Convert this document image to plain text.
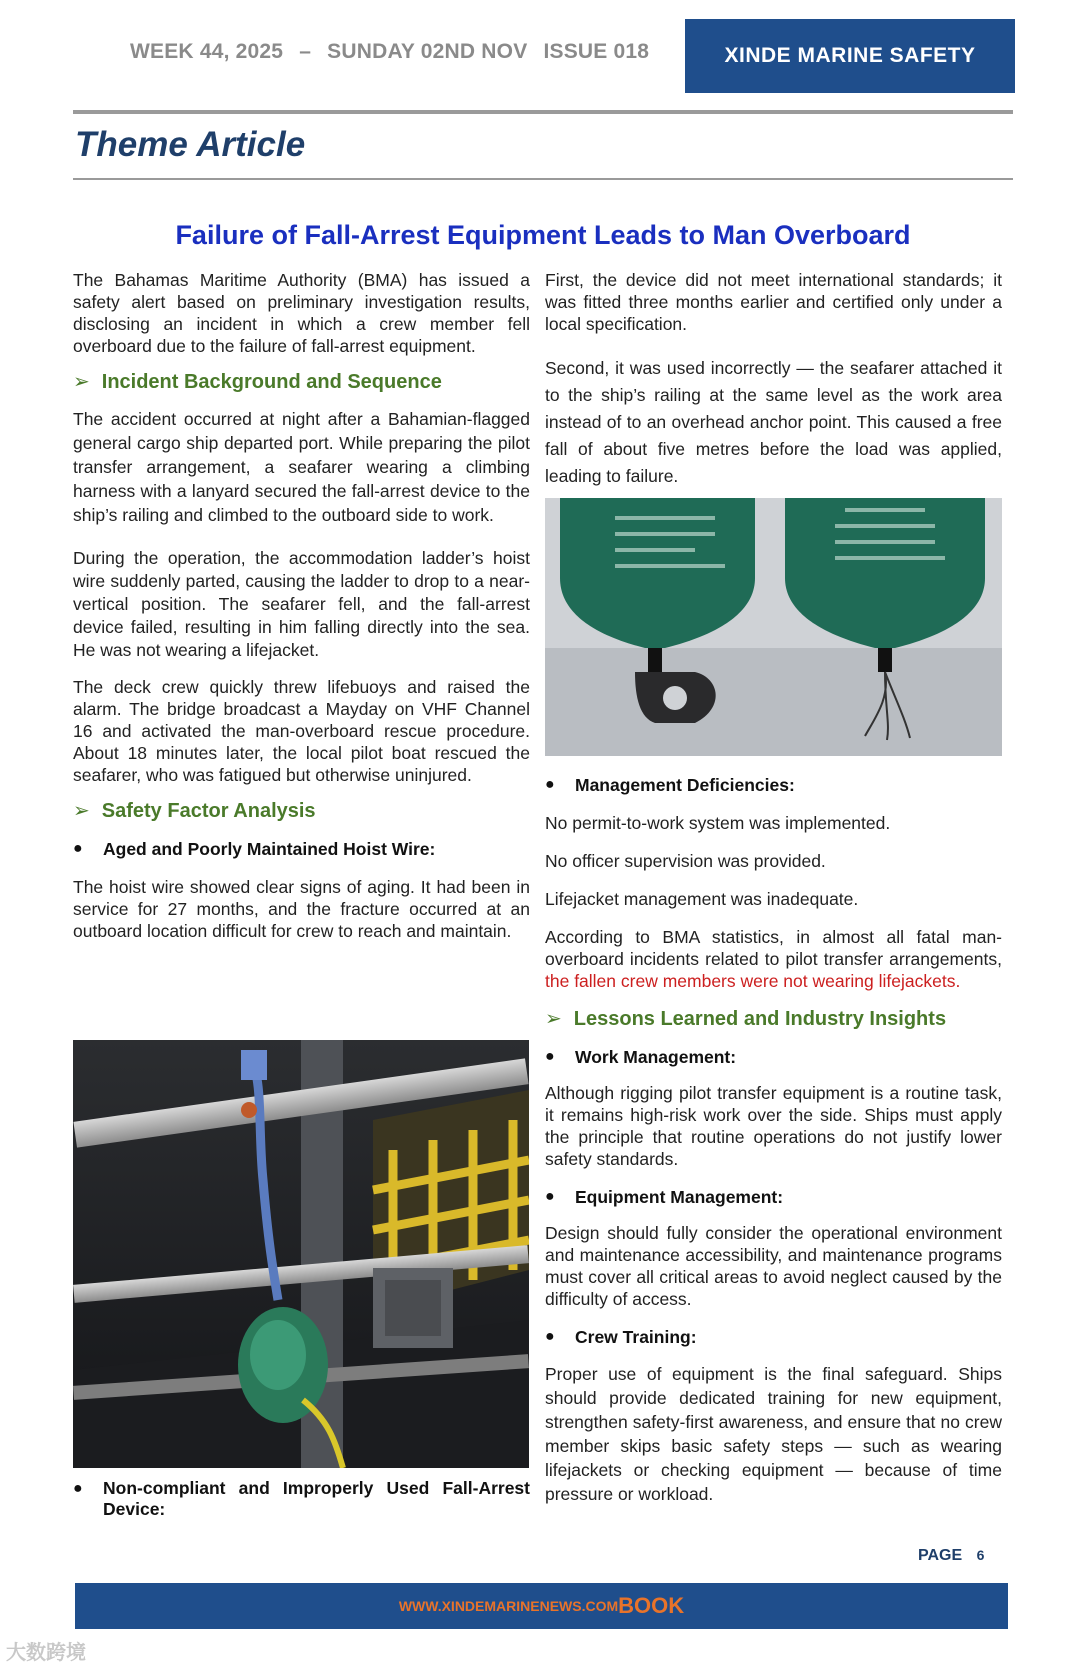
WEEK 44, 2025 – SUNDAY 02ND NOV ISSUE 018	XINDE MARINE SAFETY
Theme Article
Failure of Fall-Arrest Equipment Leads to Man Overboard

The Bahamas Maritime Authority (BMA) has issued a safety alert based on preliminary investigation results, disclosing an incident in which a crew member fell overboard due to the failure of fall-arrest equipment.

➢ Incident Background and Sequence

The accident occurred at night after a Bahamian-flagged general cargo ship departed port. While preparing the pilot transfer arrangement, a seafarer wearing a climbing harness with a lanyard secured the fall-arrest device to the ship’s railing and climbed to the outboard side to work.

During the operation, the accommodation ladder’s hoist wire suddenly parted, causing the ladder to drop to a near-vertical position. The seafarer fell, and the fall-arrest device failed, resulting in him falling directly into the sea. He was not wearing a lifejacket.

The deck crew quickly threw lifebuoys and raised the alarm. The bridge broadcast a Mayday on VHF Channel 16 and activated the man-overboard rescue procedure. About 18 minutes later, the local pilot boat rescued the seafarer, who was fatigued but otherwise uninjured.

➢ Safety Factor Analysis
●	Aged and Poorly Maintained Hoist Wire:

The hoist wire showed clear signs of aging. It had been in service for 27 months, and the fracture occurred at an outboard location difficult for crew to reach and maintain.

●	Non-compliant and Improperly Used Fall-Arrest Device:

First, the device did not meet international standards; it was fitted three months earlier and certified only under a local specification.

Second, it was used incorrectly — the seafarer attached it to the ship’s railing at the same level as the work area instead of to an overhead anchor point. This caused a free fall of about five metres before the load was applied, leading to failure.

●	Management Deficiencies:

No permit-to-work system was implemented.

No officer supervision was provided.

Lifejacket management was inadequate.

According to BMA statistics, in almost all fatal man-overboard incidents related to pilot transfer arrangements, the fallen crew members were not wearing lifejackets.

➢ Lessons Learned and Industry Insights
●	Work Management:

Although rigging pilot transfer equipment is a routine task, it remains high-risk work over the side. Ships must apply the principle that routine operations do not justify lower safety standards.

●	Equipment Management:

Design should fully consider the operational environment and maintenance accessibility, and maintenance programs must cover all critical areas to avoid neglect caused by the difficulty of access.

●	Crew Training:

Proper use of equipment is the final safeguard. Ships should provide dedicated training for new equipment, strengthen safety-first awareness, and ensure that no crew member skips basic safety steps — such as wearing lifejackets or checking equipment — because of time pressure or workload.

PAGE 6
WWW.XINDEMARINENEWS.COM BOOK
大数跨境
